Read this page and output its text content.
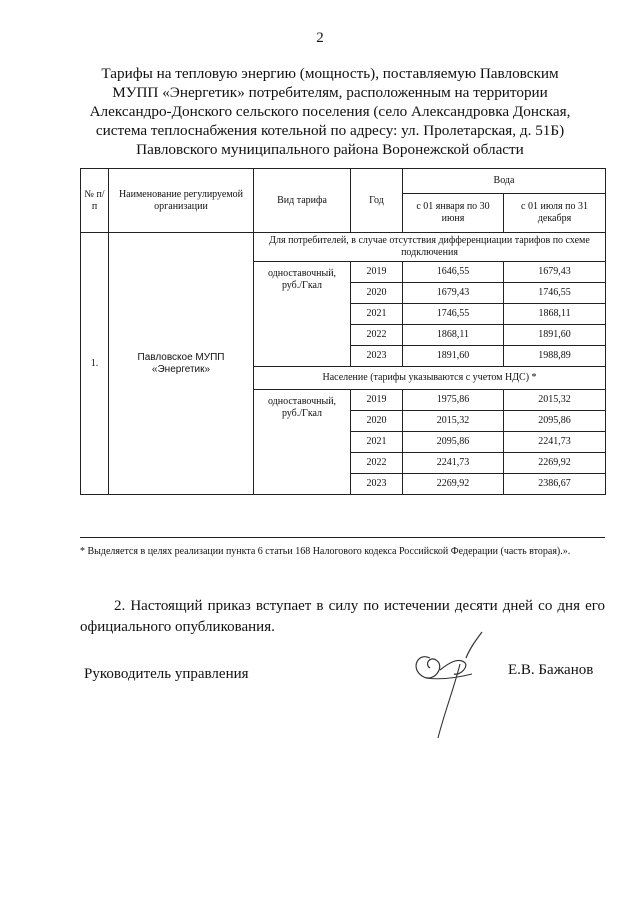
2
Тарифы на тепловую энергию (мощность), поставляемую Павловским
МУПП «Энергетик» потребителям, расположенным на территории
Александро-Донского сельского поселения (село Александровка Донская,
система теплоснабжения котельной по адресу: ул. Пролетарская, д. 51Б)
Павловского муниципального района Воронежской области
№ п/п	Наименование регулируемой организации	Вид тарифа	Год	Вода	
				с 01 января по 30 июня	с 01 июля по 31 декабря
1.	Павловское МУПП «Энергетик»	Для потребителей, в случае отсутствия дифференциации тарифов по схеме подключения			
		одноставочный, руб./Гкал	2019	1646,55	1679,43
			2020	1679,43	1746,55
			2021	1746,55	1868,11
			2022	1868,11	1891,60
			2023	1891,60	1988,89
		Население (тарифы указываются с учетом НДС) *			
		одноставочный, руб./Гкал	2019	1975,86	2015,32
			2020	2015,32	2095,86
			2021	2095,86	2241,73
			2022	2241,73	2269,92
			2023	2269,92	2386,67
* Выделяется в целях реализации пункта 6 статьи 168 Налогового кодекса Российской Федерации (часть вторая).».
2. Настоящий приказ вступает в силу по истечении десяти дней со дня его официального опубликования.
Руководитель управления	Е.В. Бажанов
